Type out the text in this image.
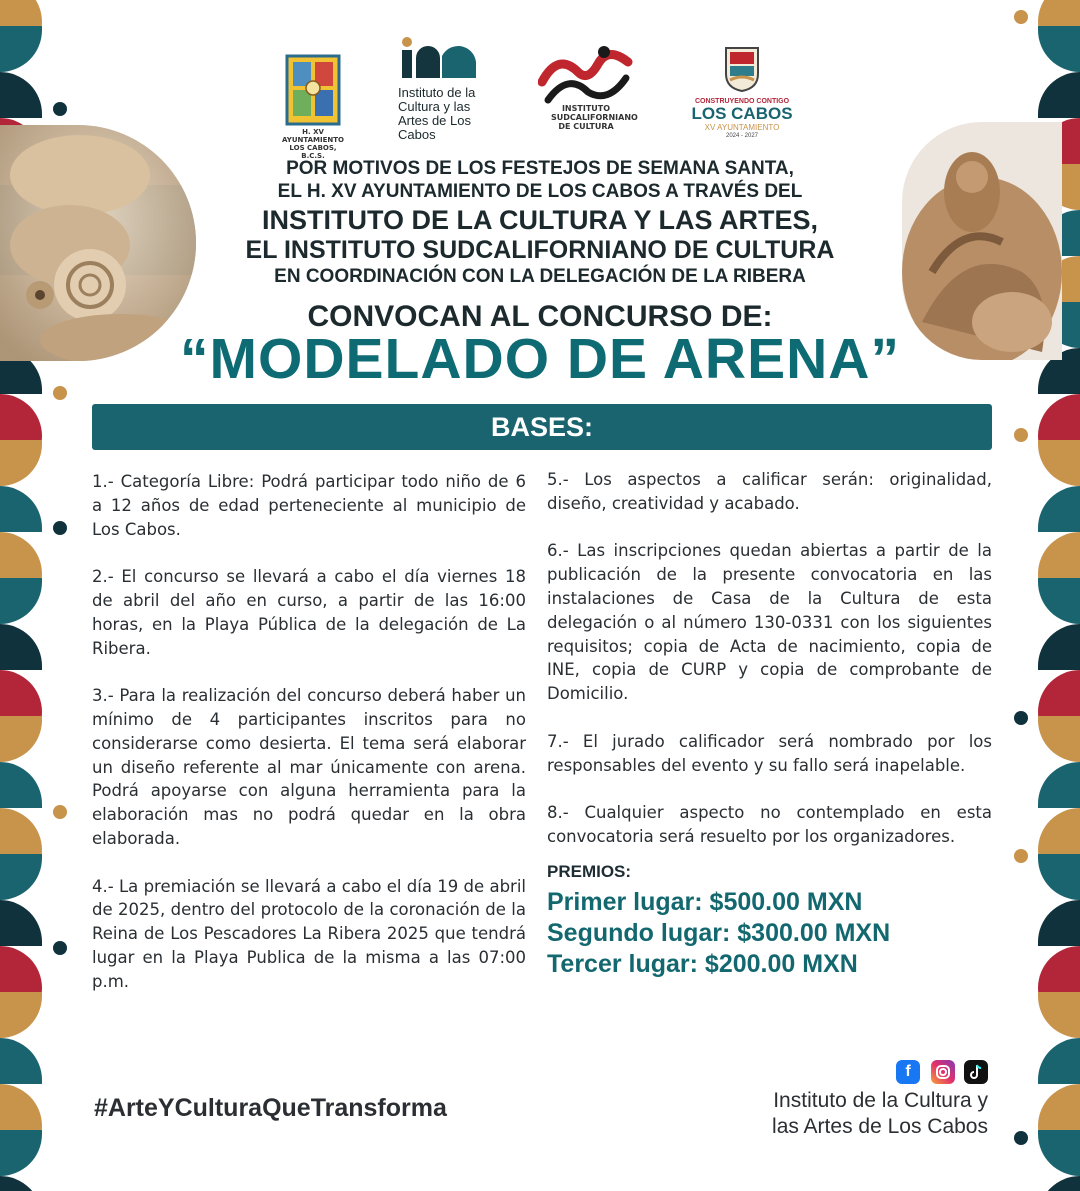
H. XV AYUNTAMIENTO
LOS CABOS, B.C.S.
Instituto de la Cultura y las Artes de Los Cabos
INSTITUTO SUDCALIFORNIANO DE CULTURA
CONSTRUYENDO CONTIGO
LOS CABOS
XV AYUNTAMIENTO
2024 - 2027
POR MOTIVOS DE LOS FESTEJOS DE SEMANA SANTA,
EL H. XV AYUNTAMIENTO DE LOS CABOS A TRAVÉS DEL
INSTITUTO DE LA CULTURA Y LAS ARTES,
EL INSTITUTO SUDCALIFORNIANO DE CULTURA
EN COORDINACIÓN CON LA DELEGACIÓN DE LA RIBERA
CONVOCAN AL CONCURSO DE:
“MODELADO DE ARENA”
BASES:

1.- Categoría Libre: Podrá participar todo niño de 6 a 12 años de edad perteneciente al municipio de Los Cabos.

2.- El concurso se llevará a cabo el día viernes 18 de abril del año en curso, a partir de las 16:00 horas, en la Playa Pública de la delegación de La Ribera.

3.- Para la realización del concurso deberá haber un mínimo de 4 participantes inscritos para no considerarse como desierta. El tema será elaborar un diseño referente al mar únicamente con arena. Podrá apoyarse con alguna herramienta para la elaboración mas no podrá quedar en la obra elaborada.

4.- La premiación se llevará a cabo el día 19 de abril de 2025, dentro del protocolo de la coronación de la Reina de Los Pescadores La Ribera 2025 que tendrá lugar en la Playa Publica de la misma a las 07:00 p.m.

5.- Los aspectos a calificar serán: originalidad, diseño, creatividad y acabado.

6.- Las inscripciones quedan abiertas a partir de la publicación de la presente convocatoria en las instalaciones de Casa de la Cultura de esta delegación o al número 130-0331 con los siguientes requisitos; copia de Acta de nacimiento, copia de INE, copia de CURP y copia de comprobante de Domicilio.

7.- El jurado calificador será nombrado por los responsables del evento y su fallo será inapelable.

8.- Cualquier aspecto no contemplado en esta convocatoria será resuelto por los organizadores.

PREMIOS:
Primer lugar: $500.00 MXN
Segundo lugar: $300.00 MXN
Tercer lugar: $200.00 MXN
#ArteYCulturaQueTransforma
f
Instituto de la Cultura y
las Artes de Los Cabos
